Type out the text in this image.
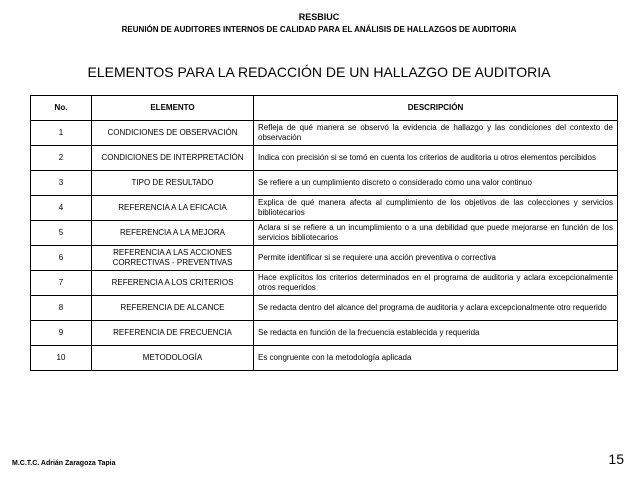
RESBIUC
REUNIÓN DE AUDITORES INTERNOS DE CALIDAD PARA EL ANÁLISIS DE HALLAZGOS DE AUDITORIA
ELEMENTOS PARA LA REDACCIÓN DE UN HALLAZGO DE AUDITORIA
No.	ELEMENTO	DESCRIPCIÓN
1	CONDICIONES DE OBSERVACIÓN	Refleja de qué manera se observó la evidencia de hallazgo y las condiciones del contexto de observación
2	CONDICIONES DE INTERPRETACIÓN	Indica con precisión si se tomó en cuenta los criterios de auditoria u otros elementos percibidos
3	TIPO DE RESULTADO	Se refiere a un cumplimiento discreto o considerado como una valor continuo
4	REFERENCIA A LA EFICACIA	Explica de qué manera afecta al cumplimiento de los objetivos de las colecciones y servicios bibliotecarios
5	REFERENCIA A LA MEJORA	Aclara si se refiere a un incumplimiento o a una debilidad que puede mejorarse en función de los servicios bibliotecarios
6	REFERENCIA A LAS ACCIONES CORRECTIVAS - PREVENTIVAS	Permite identificar si se requiere una acción preventiva o correctiva
7	REFERENCIA A LOS CRITERIOS	Hace explícitos los criterios determinados en el programa de auditoria y aclara excepcionalmente otros requeridos
8	REFERENCIA DE ALCANCE	Se redacta dentro del alcance del programa de auditoria y aclara excepcionalmente otro requerido
9	REFERENCIA DE FRECUENCIA	Se redacta en función de la frecuencia establecida y requerida
10	METODOLOGÍA	Es congruente con la metodología aplicada
M.C.T.C. Adrián Zaragoza Tapia	15
